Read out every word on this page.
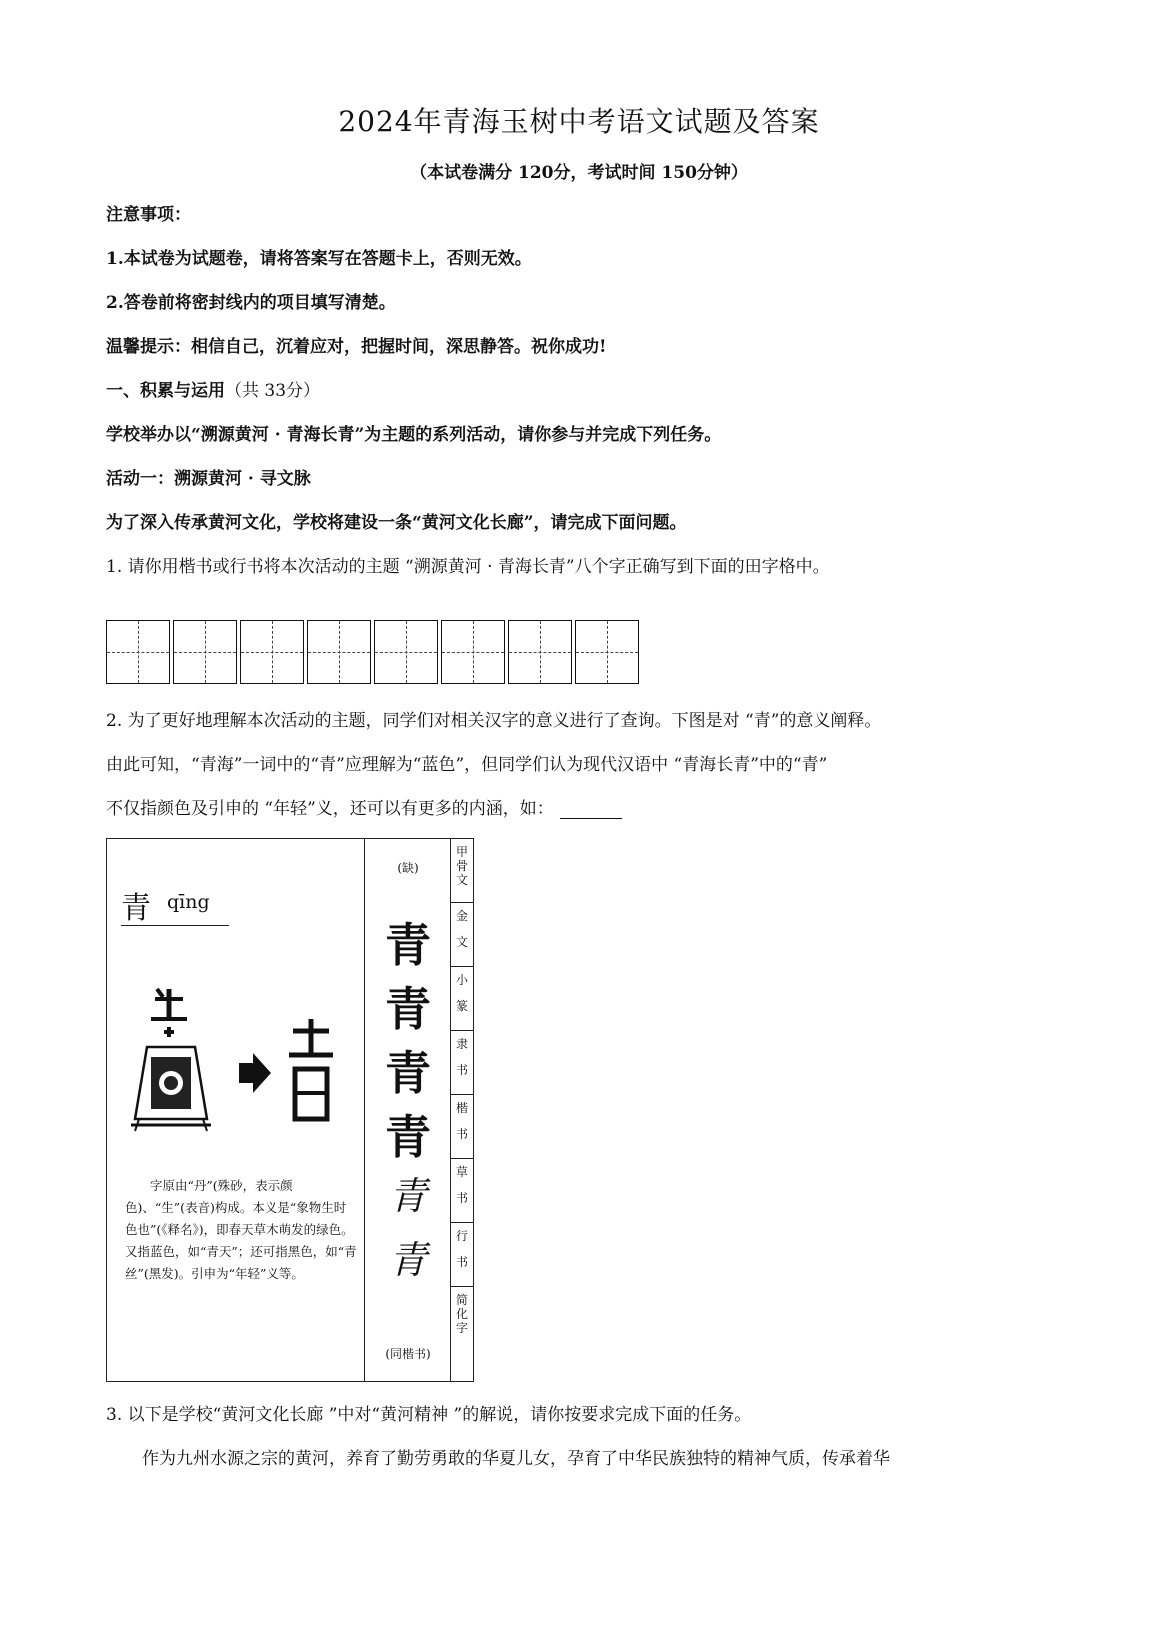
2024年青海玉树中考语文试题及答案
（本试卷满分 120分，考试时间 150分钟）
注意事项：
1.本试卷为试题卷，请将答案写在答题卡上，否则无效。
2.答卷前将密封线内的项目填写清楚。
温馨提示：相信自己，沉着应对，把握时间，深思静答。祝你成功!
一、积累与运用（共 33分）
学校举办以“溯源黄河 · 青海长青”为主题的系列活动，请你参与并完成下列任务。
活动一：溯源黄河 · 寻文脉
为了深入传承黄河文化，学校将建设一条“黄河文化长廊”，请完成下面问题。
1. 请你用楷书或行书将本次活动的主题 “溯源黄河 · 青海长青”八个字正确写到下面的田字格中。
2. 为了更好地理解本次活动的主题，同学们对相关汉字的意义进行了查询。下图是对 “青”的意义阐释。
由此可知，“青海”一词中的“青”应理解为“蓝色”，但同学们认为现代汉语中 “青海长青”中的“青”
不仅指颜色及引申的 “年轻”义，还可以有更多的内涵，如：
青 qīng
字原由“丹”(殊砂，表示颜色)、“生”(表音)构成。本义是“象物生时色也”(《释名》)，即春天草木萌发的绿色。又指蓝色，如“青天”；还可指黑色，如“青丝”(黑发)。引申为“年轻”义等。
(缺)
青
青
青
青
青
青
(同楷书)
甲
骨
文
金
文
小
篆
隶
书
楷
书
草
书
行
书
简
化
字
3. 以下是学校“黄河文化长廊 ”中对“黄河精神 ”的解说，请你按要求完成下面的任务。
作为九州水源之宗的黄河，养育了勤劳勇敢的华夏儿女，孕育了中华民族独特的精神气质，传承着华
